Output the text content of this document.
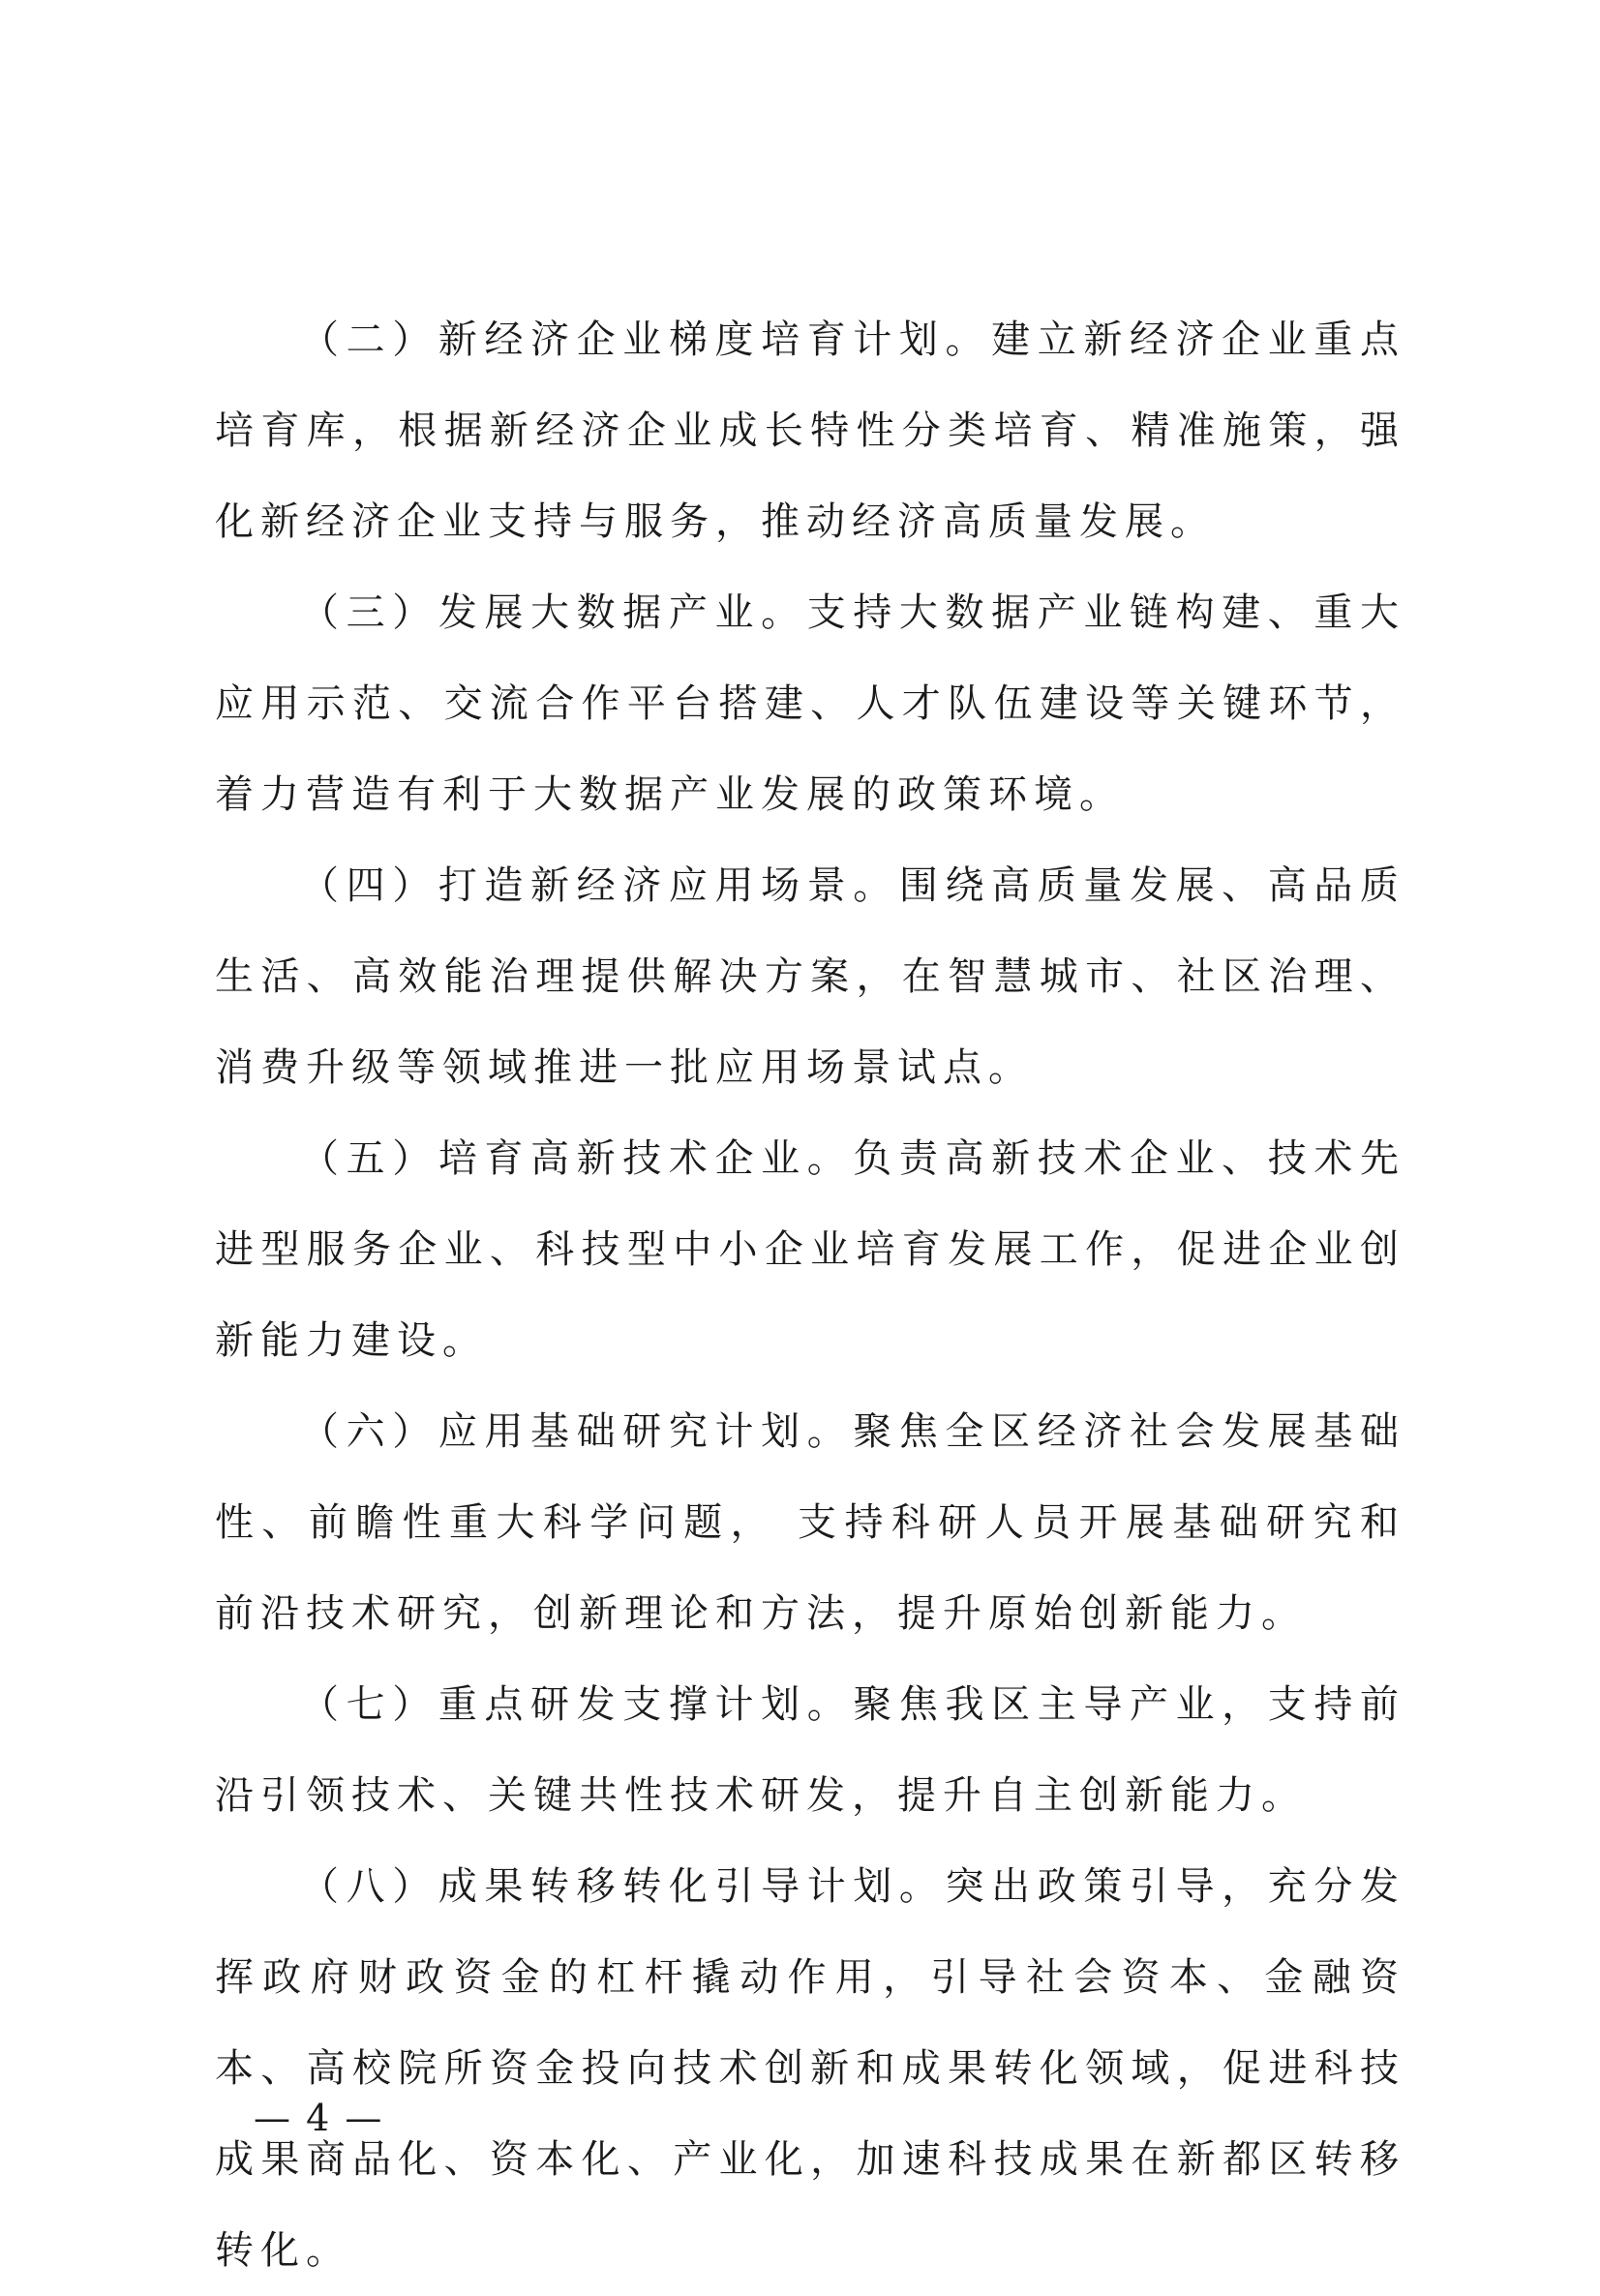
（二）新经济企业梯度培育计划。建立新经济企业重点培育库，根据新经济企业成长特性分类培育、精准施策，强化新经济企业支持与服务，推动经济高质量发展。

（三）发展大数据产业。支持大数据产业链构建、重大应用示范、交流合作平台搭建、人才队伍建设等关键环节，着力营造有利于大数据产业发展的政策环境。

（四）打造新经济应用场景。围绕高质量发展、高品质生活、高效能治理提供解决方案，在智慧城市、社区治理、消费升级等领域推进一批应用场景试点。

（五）培育高新技术企业。负责高新技术企业、技术先进型服务企业、科技型中小企业培育发展工作，促进企业创新能力建设。

（六）应用基础研究计划。聚焦全区经济社会发展基础性、前瞻性重大科学问题， 支持科研人员开展基础研究和前沿技术研究，创新理论和方法，提升原始创新能力。

（七）重点研发支撑计划。聚焦我区主导产业，支持前沿引领技术、关键共性技术研发，提升自主创新能力。

（八）成果转移转化引导计划。突出政策引导，充分发挥政府财政资金的杠杆撬动作用，引导社会资本、金融资本、高校院所资金投向技术创新和成果转化领域，促进科技成果商品化、资本化、产业化，加速科技成果在新都区转移转化。

— 4 —
